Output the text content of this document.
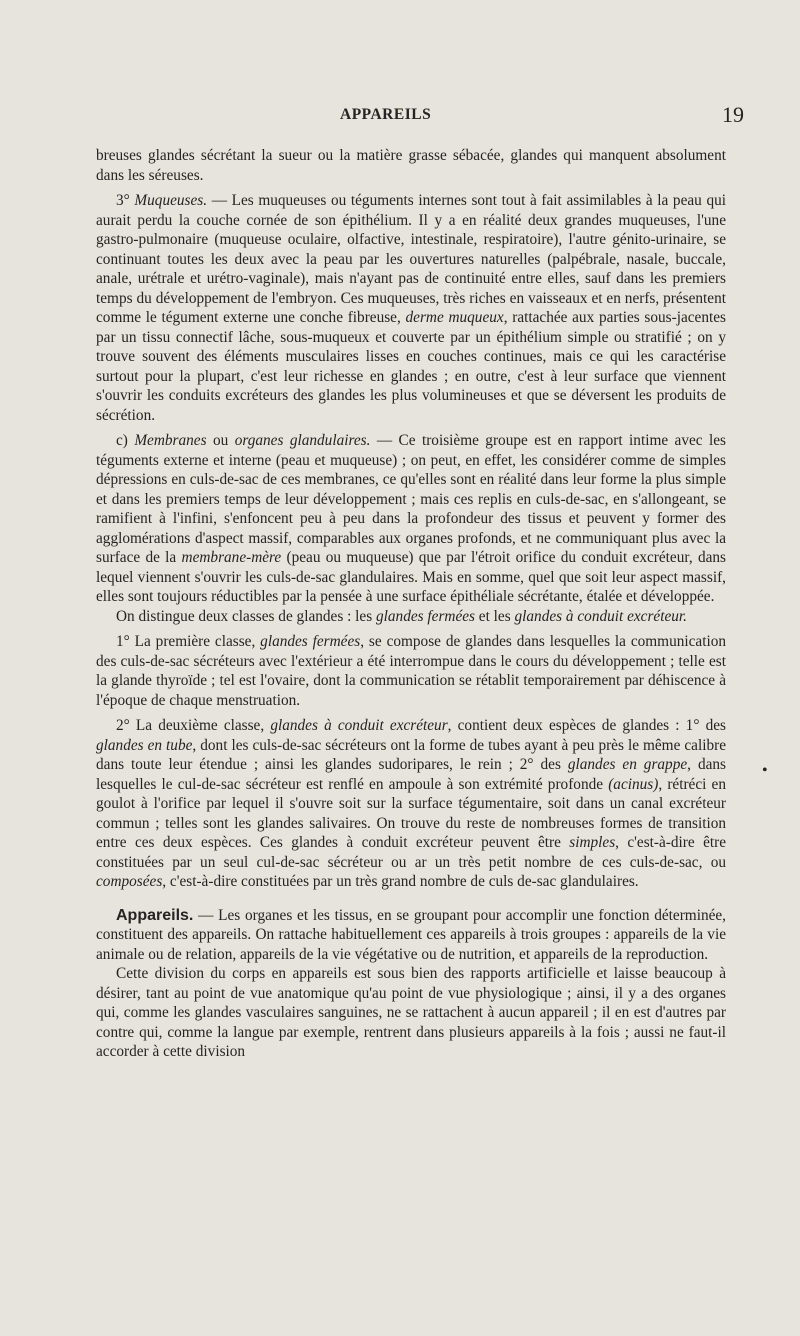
APPAREILS	19

breuses glandes sécrétant la sueur ou la matière grasse sébacée, glandes qui manquent absolument dans les séreuses.

3° Muqueuses. — Les muqueuses ou téguments internes sont tout à fait assimilables à la peau qui aurait perdu la couche cornée de son épithélium. Il y a en réalité deux grandes muqueuses, l'une gastro-pulmonaire (muqueuse oculaire, olfactive, intestinale, respiratoire), l'autre génito-urinaire, se continuant toutes les deux avec la peau par les ouvertures naturelles (palpébrale, nasale, buccale, anale, urétrale et urétro-vaginale), mais n'ayant pas de continuité entre elles, sauf dans les premiers temps du développement de l'embryon. Ces muqueuses, très riches en vaisseaux et en nerfs, présentent comme le tégument externe une conche fibreuse, derme muqueux, rattachée aux parties sous-jacentes par un tissu connectif lâche, sous-muqueux et couverte par un épithélium simple ou stratifié ; on y trouve souvent des éléments musculaires lisses en couches continues, mais ce qui les caractérise surtout pour la plupart, c'est leur richesse en glandes ; en outre, c'est à leur surface que viennent s'ouvrir les conduits excréteurs des glandes les plus volumineuses et que se déversent les produits de sécrétion.

c) Membranes ou organes glandulaires. — Ce troisième groupe est en rapport intime avec les téguments externe et interne (peau et muqueuse) ; on peut, en effet, les considérer comme de simples dépressions en culs-de-sac de ces membranes, ce qu'elles sont en réalité dans leur forme la plus simple et dans les premiers temps de leur développement ; mais ces replis en culs-de-sac, en s'allongeant, se ramifient à l'infini, s'enfoncent peu à peu dans la profondeur des tissus et peuvent y former des agglomérations d'aspect massif, comparables aux organes profonds, et ne communiquant plus avec la surface de la membrane-mère (peau ou muqueuse) que par l'étroit orifice du conduit excréteur, dans lequel viennent s'ouvrir les culs-de-sac glandulaires. Mais en somme, quel que soit leur aspect massif, elles sont toujours réductibles par la pensée à une surface épithéliale sécrétante, étalée et développée.

On distingue deux classes de glandes : les glandes fermées et les glandes à conduit excréteur.

1° La première classe, glandes fermées, se compose de glandes dans lesquelles la communication des culs-de-sac sécréteurs avec l'extérieur a été interrompue dans le cours du développement ; telle est la glande thyroïde ; tel est l'ovaire, dont la communication se rétablit temporairement par déhiscence à l'époque de chaque menstruation.

2° La deuxième classe, glandes à conduit excréteur, contient deux espèces de glandes : 1° des glandes en tube, dont les culs-de-sac sécréteurs ont la forme de tubes ayant à peu près le même calibre dans toute leur étendue ; ainsi les glandes sudoripares, le rein ; 2° des glandes en grappe, dans lesquelles le cul-de-sac sécréteur est renflé en ampoule à son extrémité profonde (acinus), rétréci en goulot à l'orifice par lequel il s'ouvre soit sur la surface tégumentaire, soit dans un canal excréteur commun ; telles sont les glandes salivaires. On trouve du reste de nombreuses formes de transition entre ces deux espèces. Ces glandes à conduit excréteur peuvent être simples, c'est-à-dire être constituées par un seul cul-de-sac sécréteur ou ar un très petit nombre de ces culs-de-sac, ou composées, c'est-à-dire constituées par un très grand nombre de culs de-sac glandulaires.

Appareils. — Les organes et les tissus, en se groupant pour accomplir une fonction déterminée, constituent des appareils. On rattache habituellement ces appareils à trois groupes : appareils de la vie animale ou de relation, appareils de la vie végétative ou de nutrition, et appareils de la reproduction.

Cette division du corps en appareils est sous bien des rapports artificielle et laisse beaucoup à désirer, tant au point de vue anatomique qu'au point de vue physiologique ; ainsi, il y a des organes qui, comme les glandes vasculaires sanguines, ne se rattachent à aucun appareil ; il en est d'autres par contre qui, comme la langue par exemple, rentrent dans plusieurs appareils à la fois ; aussi ne faut-il accorder à cette division

•
